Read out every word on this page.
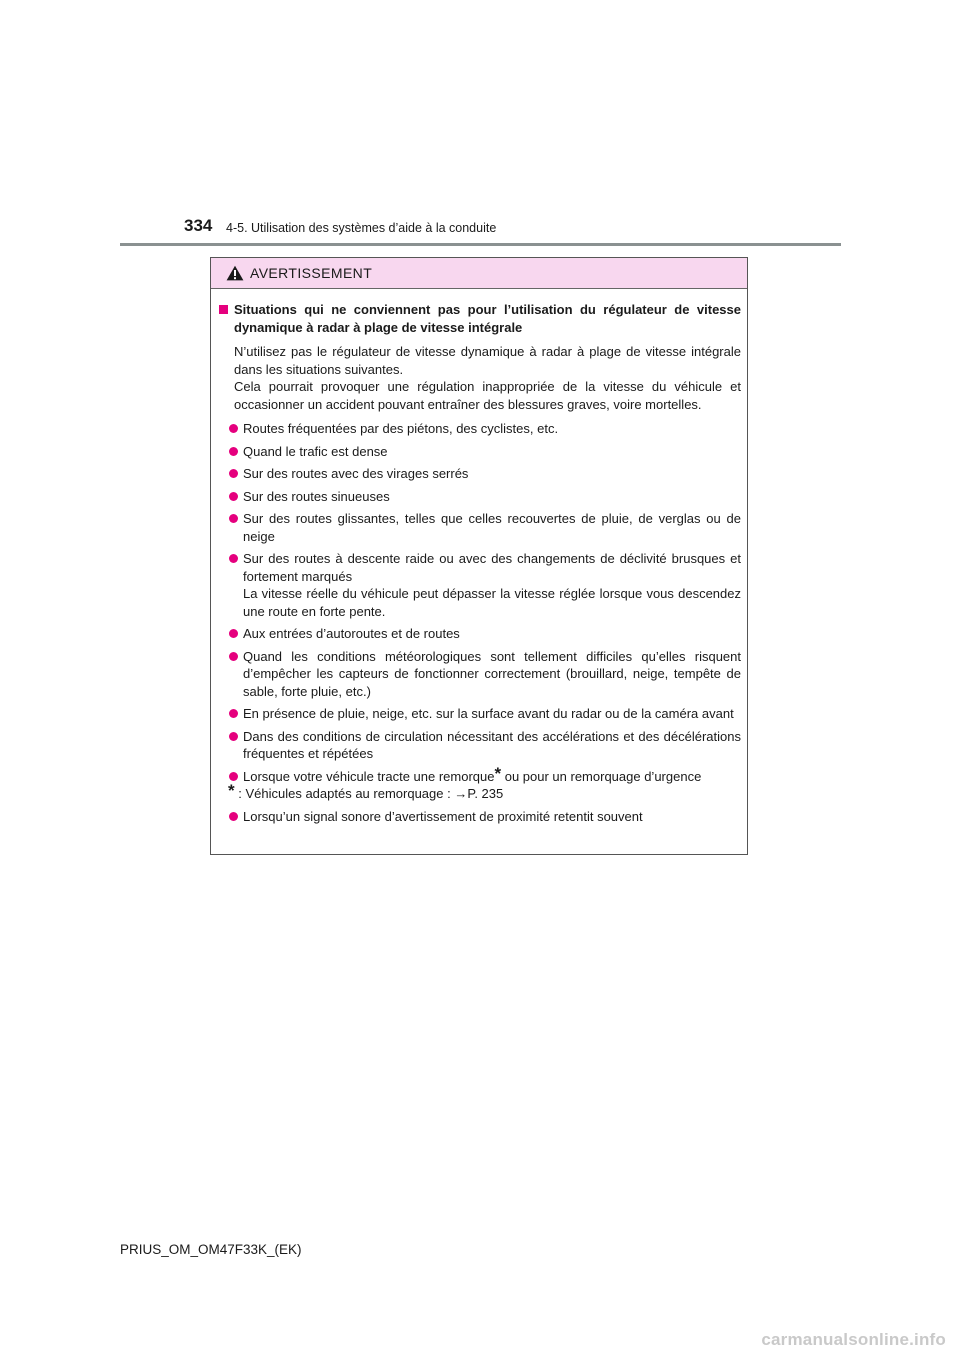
334 4-5. Utilisation des systèmes d’aide à la conduite
AVERTISSEMENT
Situations qui ne conviennent pas pour l’utilisation du régulateur de vitesse dynamique à radar à plage de vitesse intégrale
N’utilisez pas le régulateur de vitesse dynamique à radar à plage de vitesse intégrale dans les situations suivantes.
Cela pourrait provoquer une régulation inappropriée de la vitesse du véhicule et occasionner un accident pouvant entraîner des blessures graves, voire mortelles.
Routes fréquentées par des piétons, des cyclistes, etc.
Quand le trafic est dense
Sur des routes avec des virages serrés
Sur des routes sinueuses
Sur des routes glissantes, telles que celles recouvertes de pluie, de verglas ou de neige
Sur des routes à descente raide ou avec des changements de déclivité brusques et fortement marqués
La vitesse réelle du véhicule peut dépasser la vitesse réglée lorsque vous descendez une route en forte pente.
Aux entrées d’autoroutes et de routes
Quand les conditions météorologiques sont tellement difficiles qu’elles risquent d’empêcher les capteurs de fonctionner correctement (brouillard, neige, tempête de sable, forte pluie, etc.)
En présence de pluie, neige, etc. sur la surface avant du radar ou de la caméra avant
Dans des conditions de circulation nécessitant des accélérations et des décélérations fréquentes et répétées
Lorsque votre véhicule tracte une remorque* ou pour un remorquage d’urgence
* : Véhicules adaptés au remorquage : →P. 235
Lorsqu’un signal sonore d’avertissement de proximité retentit souvent
PRIUS_OM_OM47F33K_(EK)
carmanualsonline.info
